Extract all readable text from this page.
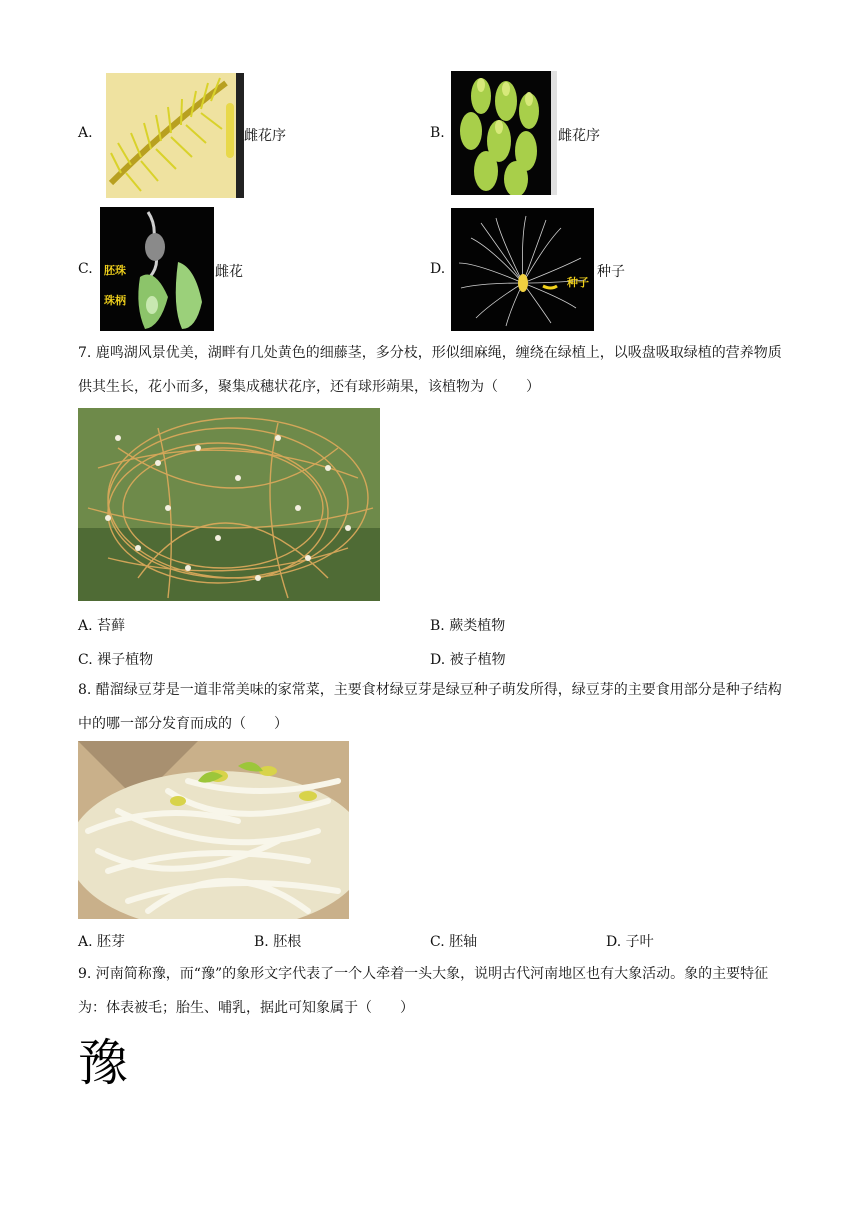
A.	雌花序	B.	雌花序
C. 胚珠
珠柄
雌花	D.
种子
种子
7. 鹿鸣湖风景优美，湖畔有几处黄色的细藤茎，多分枝，形似细麻绳，缠绕在绿植上，以吸盘吸取绿植的营养物质供其生长，花小而多，聚集成穗状花序，还有球形蒴果，该植物为（　　）
A. 苔藓	B. 蕨类植物
C. 裸子植物	D. 被子植物
8. 醋溜绿豆芽是一道非常美味的家常菜，主要食材绿豆芽是绿豆种子萌发所得，绿豆芽的主要食用部分是种子结构中的哪一部分发育而成的（　　）
A. 胚芽	B. 胚根	C. 胚轴	D. 子叶
9. 河南简称豫，而“豫”的象形文字代表了一个人牵着一头大象，说明古代河南地区也有大象活动。象的主要特征为：体表被毛；胎生、哺乳，据此可知象属于（　　）
豫
